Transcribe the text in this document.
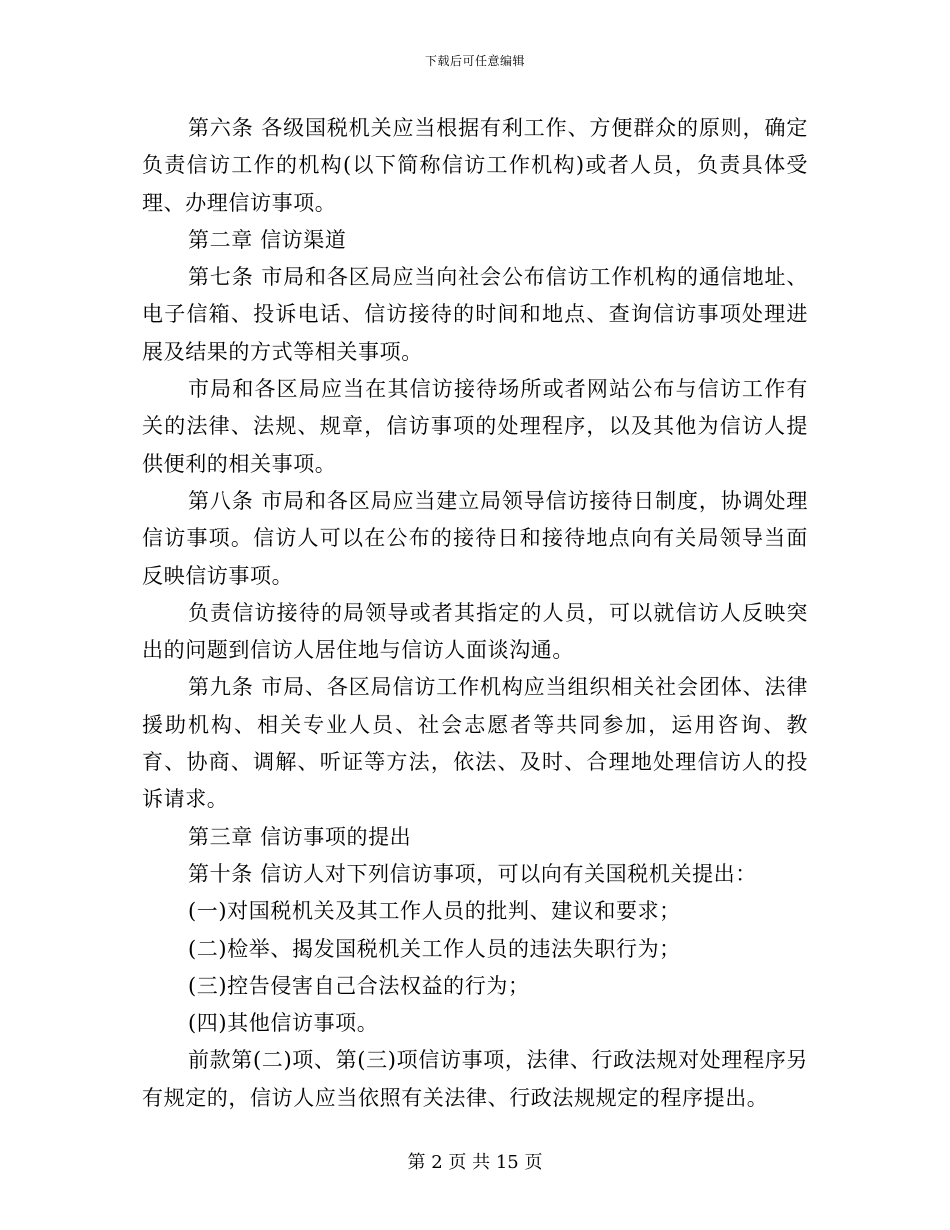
下载后可任意编辑

第六条 各级国税机关应当根据有利工作、方便群众的原则，确定负责信访工作的机构(以下简称信访工作机构)或者人员，负责具体受理、办理信访事项。

第二章 信访渠道

第七条 市局和各区局应当向社会公布信访工作机构的通信地址、电子信箱、投诉电话、信访接待的时间和地点、查询信访事项处理进展及结果的方式等相关事项。

市局和各区局应当在其信访接待场所或者网站公布与信访工作有关的法律、法规、规章，信访事项的处理程序，以及其他为信访人提供便利的相关事项。

第八条 市局和各区局应当建立局领导信访接待日制度，协调处理信访事项。信访人可以在公布的接待日和接待地点向有关局领导当面反映信访事项。

负责信访接待的局领导或者其指定的人员，可以就信访人反映突出的问题到信访人居住地与信访人面谈沟通。

第九条 市局、各区局信访工作机构应当组织相关社会团体、法律援助机构、相关专业人员、社会志愿者等共同参加，运用咨询、教育、协商、调解、听证等方法，依法、及时、合理地处理信访人的投诉请求。

第三章 信访事项的提出

第十条 信访人对下列信访事项，可以向有关国税机关提出：

(一)对国税机关及其工作人员的批判、建议和要求；

(二)检举、揭发国税机关工作人员的违法失职行为；

(三)控告侵害自己合法权益的行为；

(四)其他信访事项。

前款第(二)项、第(三)项信访事项，法律、行政法规对处理程序另有规定的，信访人应当依照有关法律、行政法规规定的程序提出。

第 2 页 共 15 页
